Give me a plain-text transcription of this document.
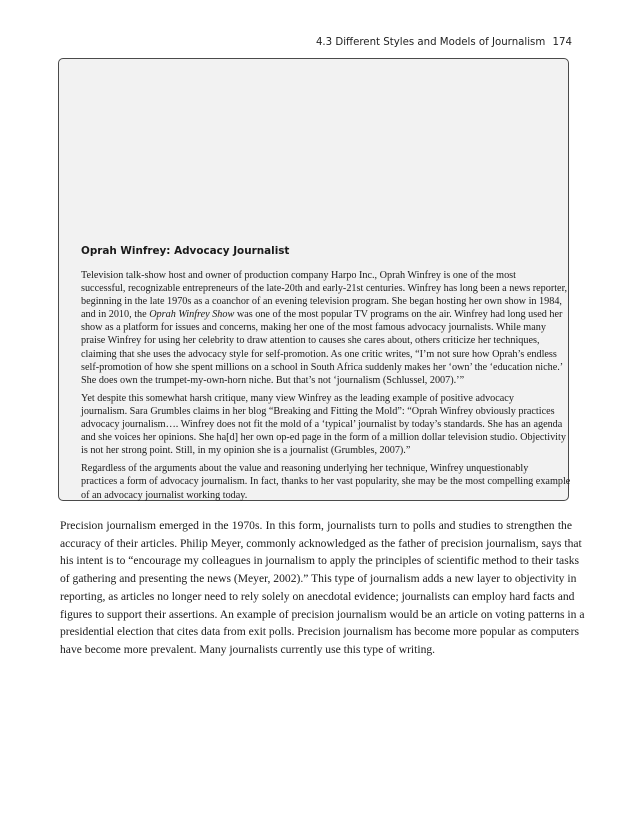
4.3 Different Styles and Models of Journalism 174
Oprah Winfrey: Advocacy Journalist

Television talk-show host and owner of production company Harpo Inc., Oprah Winfrey is one of the most
successful, recognizable entrepreneurs of the late-20th and early-21st centuries. Winfrey has long been a news reporter,
beginning in the late 1970s as a coanchor of an evening television program. She began hosting her own show in 1984,
and in 2010, the Oprah Winfrey Show was one of the most popular TV programs on the air. Winfrey had long used her
show as a platform for issues and concerns, making her one of the most famous advocacy journalists. While many
praise Winfrey for using her celebrity to draw attention to causes she cares about, others criticize her techniques,
claiming that she uses the advocacy style for self-promotion. As one critic writes, “I’m not sure how Oprah’s endless
self-promotion of how she spent millions on a school in South Africa suddenly makes her ‘own’ the ‘education niche.’
She does own the trumpet-my-own-horn niche. But that’s not ‘journalism (Schlussel, 2007).’”

Yet despite this somewhat harsh critique, many view Winfrey as the leading example of positive advocacy
journalism. Sara Grumbles claims in her blog “Breaking and Fitting the Mold”: “Oprah Winfrey obviously practices
advocacy journalism…. Winfrey does not fit the mold of a ‘typical’ journalist by today’s standards. She has an agenda
and she voices her opinions. She ha[d] her own op-ed page in the form of a million dollar television studio. Objectivity
is not her strong point. Still, in my opinion she is a journalist (Grumbles, 2007).”

Regardless of the arguments about the value and reasoning underlying her technique, Winfrey unquestionably
practices a form of advocacy journalism. In fact, thanks to her vast popularity, she may be the most compelling example
of an advocacy journalist working today.

Precision journalism emerged in the 1970s. In this form, journalists turn to polls and studies to strengthen the
accuracy of their articles. Philip Meyer, commonly acknowledged as the father of precision journalism, says that
his intent is to “encourage my colleagues in journalism to apply the principles of scientific method to their tasks
of gathering and presenting the news (Meyer, 2002).” This type of journalism adds a new layer to objectivity in
reporting, as articles no longer need to rely solely on anecdotal evidence; journalists can employ hard facts and
figures to support their assertions. An example of precision journalism would be an article on voting patterns in a
presidential election that cites data from exit polls. Precision journalism has become more popular as computers
have become more prevalent. Many journalists currently use this type of writing.
